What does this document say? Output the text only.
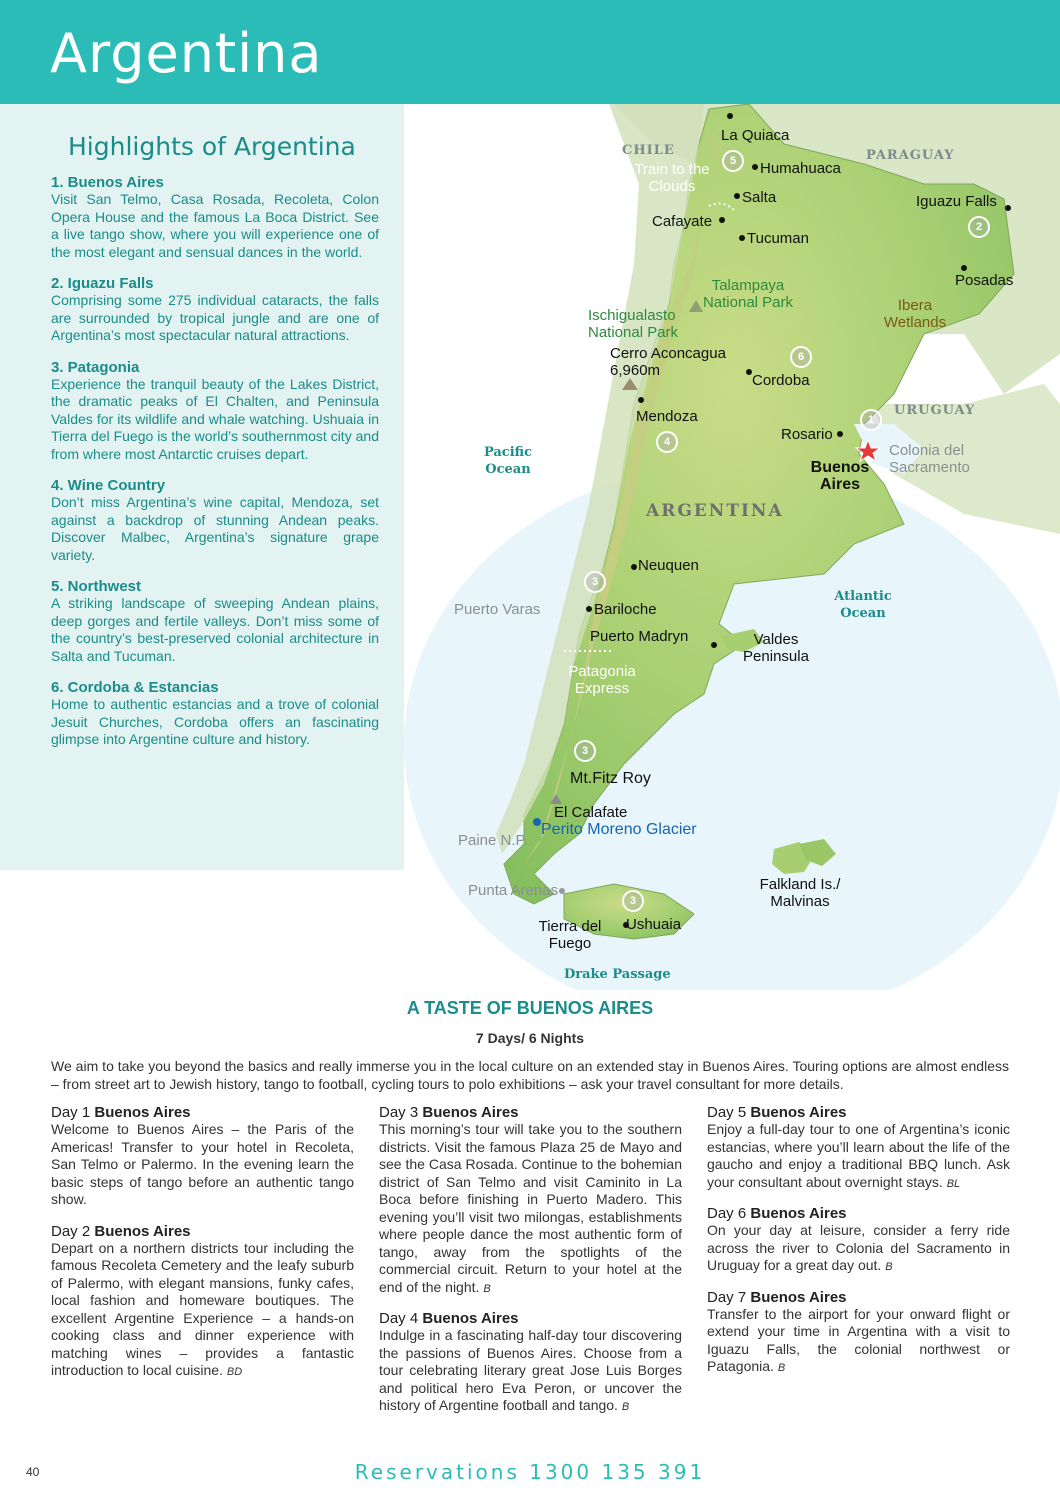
Argentina
Highlights of Argentina
1. Buenos Aires
Visit San Telmo, Casa Rosada, Recoleta, Colon Opera House and the famous La Boca District. See a live tango show, where you will experience one of the most elegant and sensual dances in the world.
2. Iguazu Falls
Comprising some 275 individual cataracts, the falls are surrounded by tropical jungle and are one of Argentina’s most spectacular natural attractions.
3. Patagonia
Experience the tranquil beauty of the Lakes District, the dramatic peaks of El Chalten, and Peninsula Valdes for its wildlife and whale watching. Ushuaia in Tierra del Fuego is the world’s southernmost city and from where most Antarctic cruises depart.
4. Wine Country
Don’t miss Argentina’s wine capital, Mendoza, set against a backdrop of stunning Andean peaks. Discover Malbec, Argentina’s signature grape variety.
5. Northwest
A striking landscape of sweeping Andean plains, deep gorges and fertile valleys. Don’t miss some of the country’s best-preserved colonial architecture in Salta and Tucuman.
6. Cordoba & Estancias
Home to authentic estancias and a trove of colonial Jesuit Churches, Cordoba offers an fascinating glimpse into Argentine culture and history.
CHILE	PARAGUAY
URUGUAY
ARGENTINA
Pacific Ocean
Atlantic Ocean
Drake Passage
La Quiaca
Humahuaca
Train to the Clouds
Salta
Cafayate
Tucuman
Iguazu Falls
Posadas
Ibera Wetlands
Talampaya National Park
Ischigualasto National Park
Cerro Aconcagua 6,960m
Cordoba
Mendoza
Rosario
Colonia del Sacramento
Buenos Aires
Neuquen
Puerto Varas	Bariloche
Puerto Madryn	Valdes Peninsula
Patagonia Express
Mt.Fitz Roy
El Calafate
Perito Moreno Glacier
Paine N.P.
Punta Arenas	Falkland Is./ Malvinas
Tierra del Fuego
Ushuaia
5
2
6
1
4
3
3
3
A TASTE OF BUENOS AIRES
7 Days/ 6 Nights
We aim to take you beyond the basics and really immerse you in the local culture on an extended stay in Buenos Aires. Touring options are almost endless – from street art to Jewish history, tango to football, cycling tours to polo exhibitions – ask your travel consultant for more details.
Day 1 Buenos Aires
Welcome to Buenos Aires – the Paris of the Americas! Transfer to your hotel in Recoleta, San Telmo or Palermo. In the evening learn the basic steps of tango before an authentic tango show.
Day 2 Buenos Aires
Depart on a northern districts tour including the famous Recoleta Cemetery and the leafy suburb of Palermo, with elegant mansions, funky cafes, local fashion and homeware boutiques. The excellent Argentine Experience – a hands-on cooking class and dinner experience with matching wines – provides a fantastic introduction to local cuisine. BD
Day 3 Buenos Aires
This morning’s tour will take you to the southern districts. Visit the famous Plaza 25 de Mayo and see the Casa Rosada. Continue to the bohemian district of San Telmo and visit Caminito in La Boca before finishing in Puerto Madero. This evening you’ll visit two milongas, establishments where people dance the most authentic form of tango, away from the spotlights of the commercial circuit. Return to your hotel at the end of the night. B
Day 4 Buenos Aires
Indulge in a fascinating half-day tour discovering the passions of Buenos Aires. Choose from a tour celebrating literary great Jose Luis Borges and political hero Eva Peron, or uncover the history of Argentine football and tango. B
Day 5 Buenos Aires
Enjoy a full-day tour to one of Argentina’s iconic estancias, where you’ll learn about the life of the gaucho and enjoy a traditional BBQ lunch. Ask your consultant about overnight stays. BL
Day 6 Buenos Aires
On your day at leisure, consider a ferry ride across the river to Colonia del Sacramento in Uruguay for a great day out. B
Day 7 Buenos Aires
Transfer to the airport for your onward flight or extend your time in Argentina with a visit to Iguazu Falls, the colonial northwest or Patagonia. B
40	Reservations 1300 135 391
